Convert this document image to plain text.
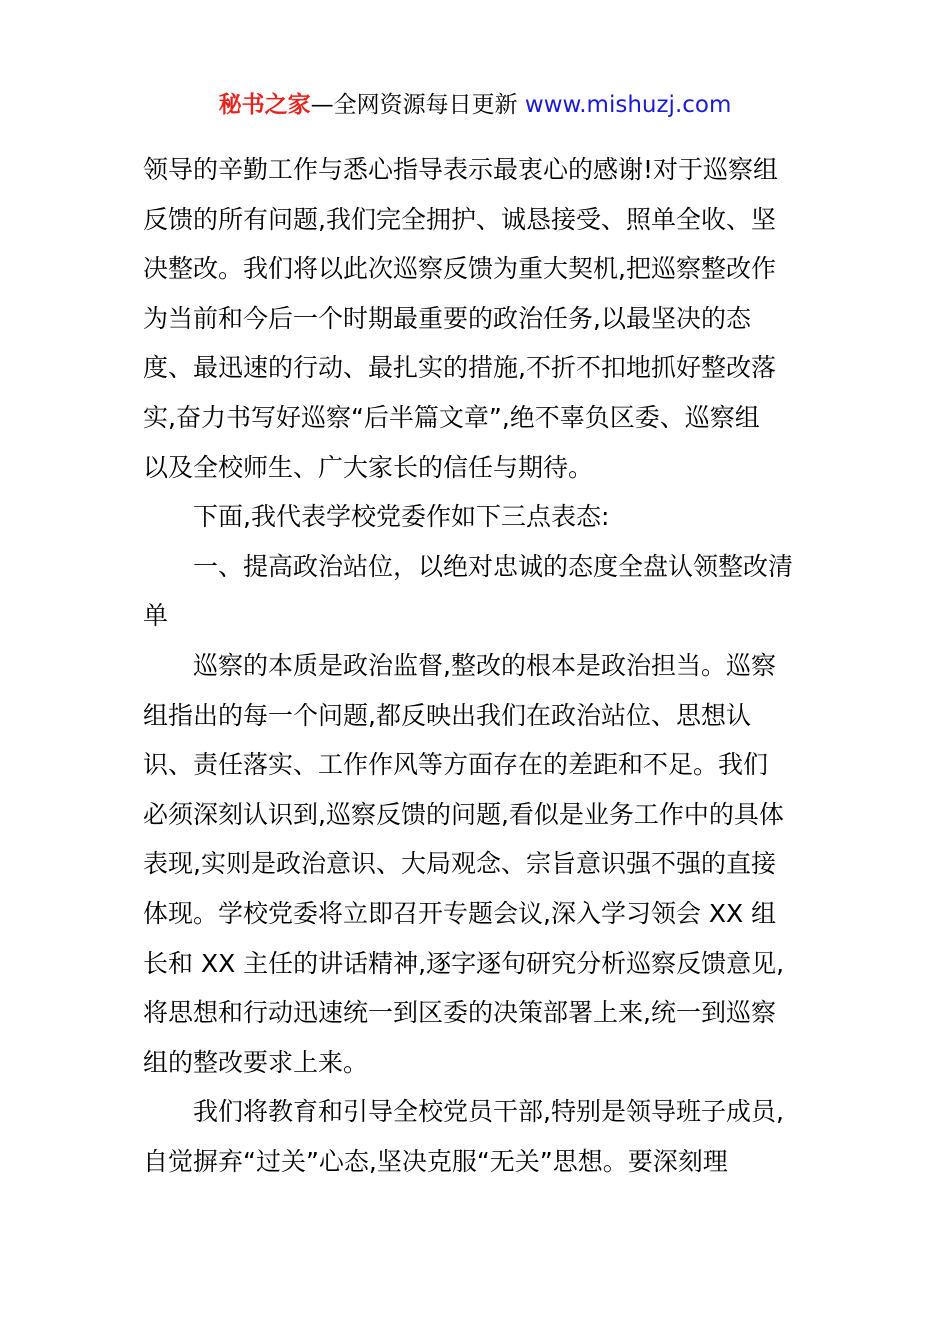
秘书之家—全网资源每日更新 www.mishuzj.com
领导的辛勤工作与悉心指导表示最衷心的感谢!对于巡察组
反馈的所有问题,我们完全拥护、诚恳接受、照单全收、坚
决整改。我们将以此次巡察反馈为重大契机,把巡察整改作
为当前和今后一个时期最重要的政治任务,以最坚决的态
度、最迅速的行动、最扎实的措施,不折不扣地抓好整改落
实,奋力书写好巡察“后半篇文章”,绝不辜负区委、巡察组
以及全校师生、广大家长的信任与期待。
下面,我代表学校党委作如下三点表态:
一、提高政治站位，以绝对忠诚的态度全盘认领整改清
单
巡察的本质是政治监督,整改的根本是政治担当。巡察
组指出的每一个问题,都反映出我们在政治站位、思想认
识、责任落实、工作作风等方面存在的差距和不足。我们
必须深刻认识到,巡察反馈的问题,看似是业务工作中的具体
表现,实则是政治意识、大局观念、宗旨意识强不强的直接
体现。学校党委将立即召开专题会议,深入学习领会 XX 组
长和 XX 主任的讲话精神,逐字逐句研究分析巡察反馈意见,
将思想和行动迅速统一到区委的决策部署上来,统一到巡察
组的整改要求上来。
我们将教育和引导全校党员干部,特别是领导班子成员,
自觉摒弃“过关”心态,坚决克服“无关”思想。要深刻理
